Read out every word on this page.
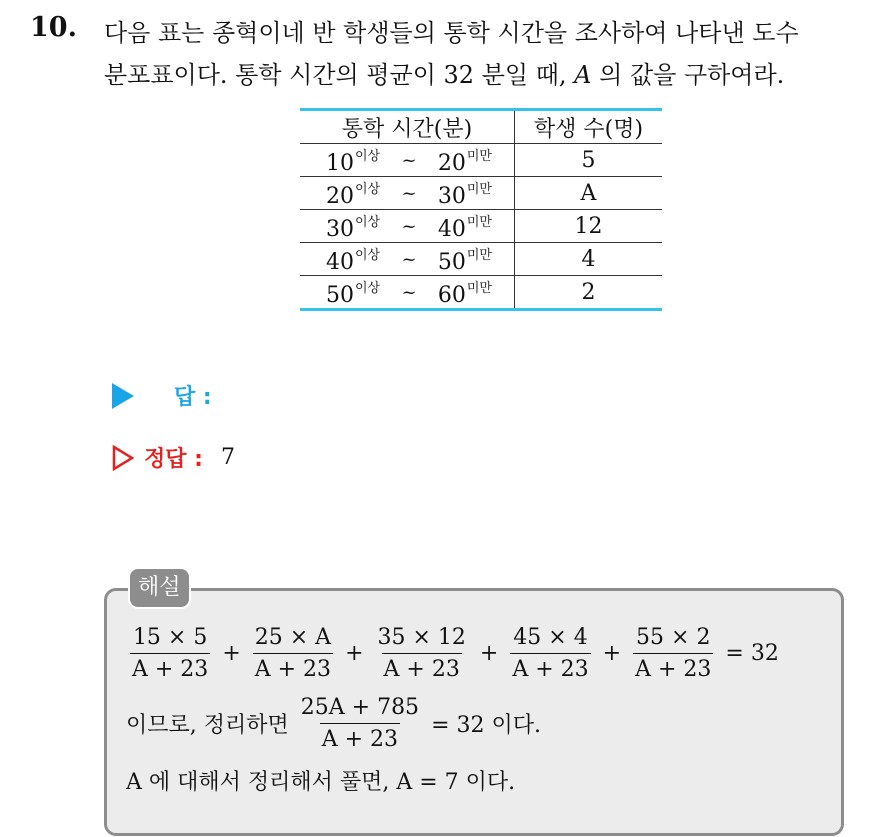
10. 다음 표는 종혁이네 반 학생들의 통학 시간을 조사하여 나타낸 도수
분포표이다. 통학 시간의 평균이 32 분일 때, A 의 값을 구하여라.
통학 시간(분)	학생 수(명)

$10^{이상}$ ~ $20^{미만}$	5

$20^{이상}$ ~ $30^{미만}$	A

$30^{이상}$ ~ $40^{미만}$	12

$40^{이상}$ ~ $50^{미만}$	4

$50^{이상}$ ~ $60^{미만}$	2
답 :
정답 : 7
해설
$\frac{15 \times 5}{A + 23} + \frac{25 \times A}{A + 23} + \frac{35 \times 12}{A + 23} + \frac{45 \times 4}{A + 23} + \frac{55 \times 2}{A + 23} = 32$
이므로, 정리하면 $\frac{25A + 785}{A + 23} = 32$ 이다.
A 에 대해서 정리해서 풀면, A = 7 이다.
